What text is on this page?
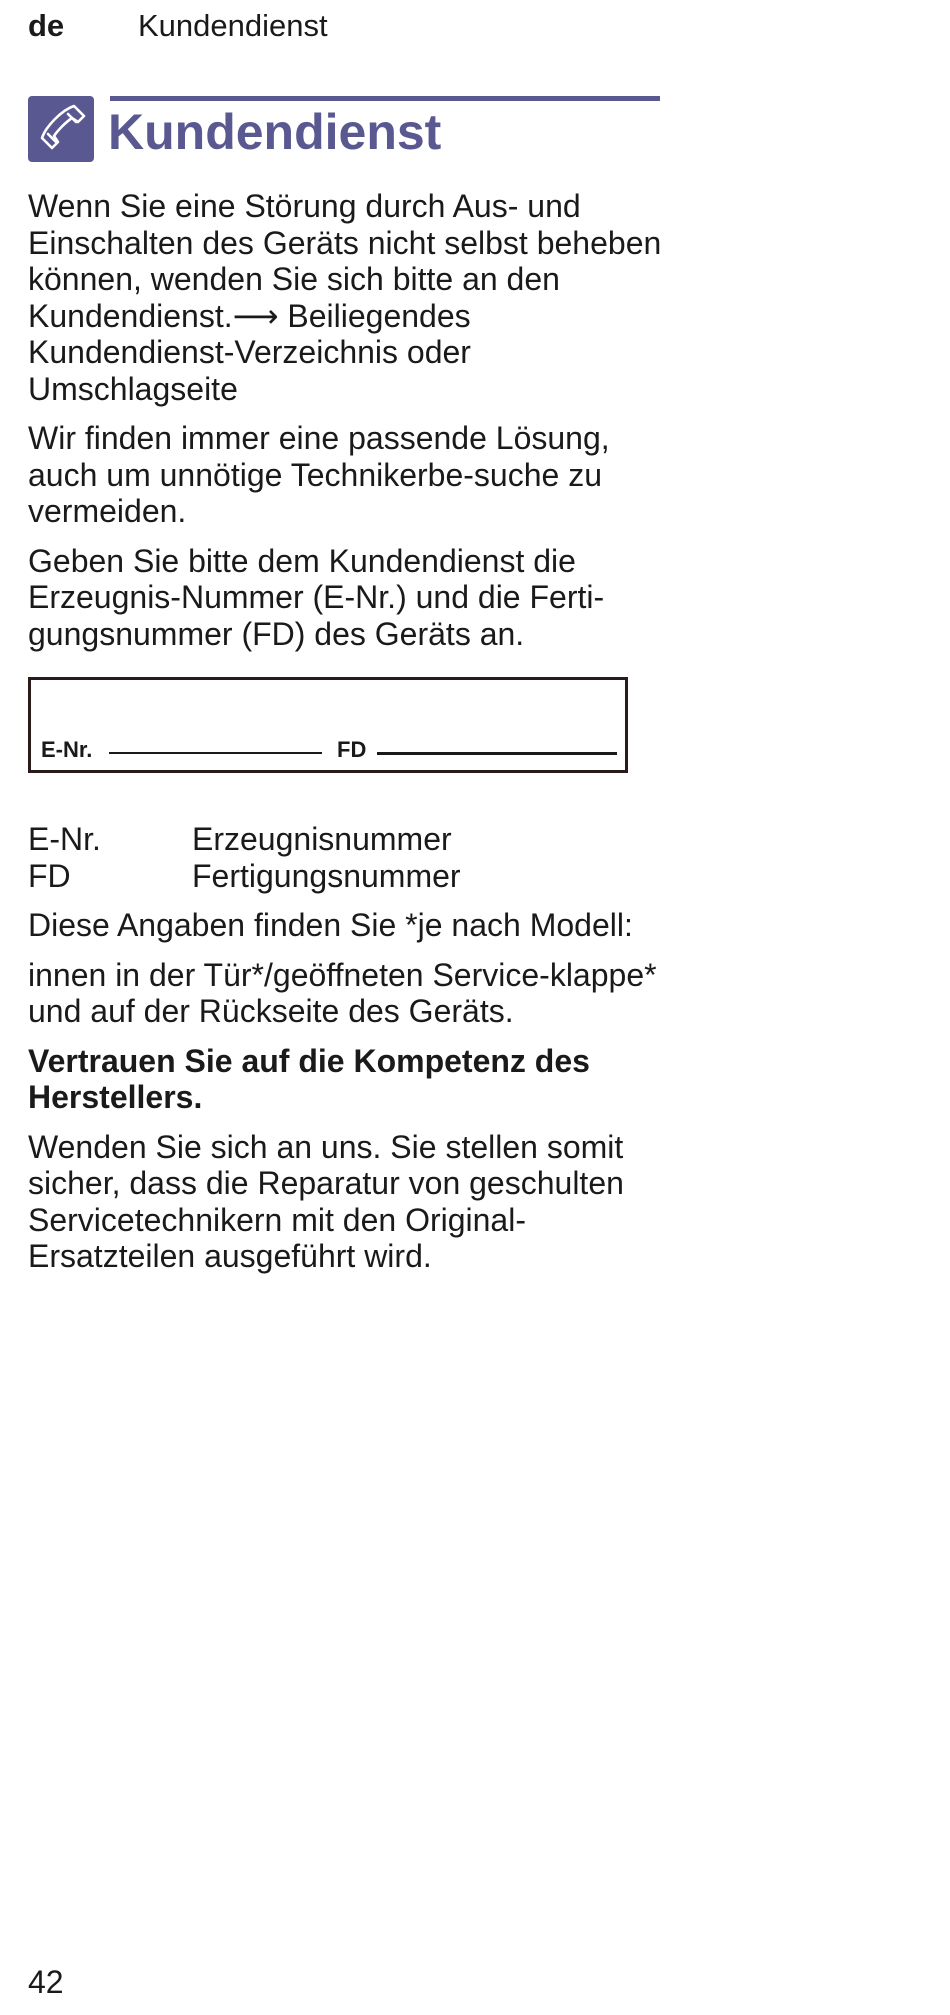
de Kundendienst
Kundendienst

Wenn Sie eine Störung durch Aus- und Einschalten des Geräts nicht selbst beheben können, wenden Sie sich bitte an den Kundendienst.⟶ Beiliegendes Kundendienst-Verzeichnis oder Umschlagseite

Wir finden immer eine passende Lösung, auch um unnötige Technikerbe-suche zu vermeiden.

Geben Sie bitte dem Kundendienst die Erzeugnis-Nummer (E-Nr.) und die Ferti-gungsnummer (FD) des Geräts an.

E-Nr.	FD
E-Nr.	Erzeugnisnummer
FD	Fertigungsnummer

Diese Angaben finden Sie *je nach Modell:

innen in der Tür*/geöffneten Service-klappe* und auf der Rückseite des Geräts.

Vertrauen Sie auf die Kompetenz des Herstellers.

Wenden Sie sich an uns. Sie stellen somit sicher, dass die Reparatur von geschulten Servicetechnikern mit den Original-Ersatzteilen ausgeführt wird.

42
